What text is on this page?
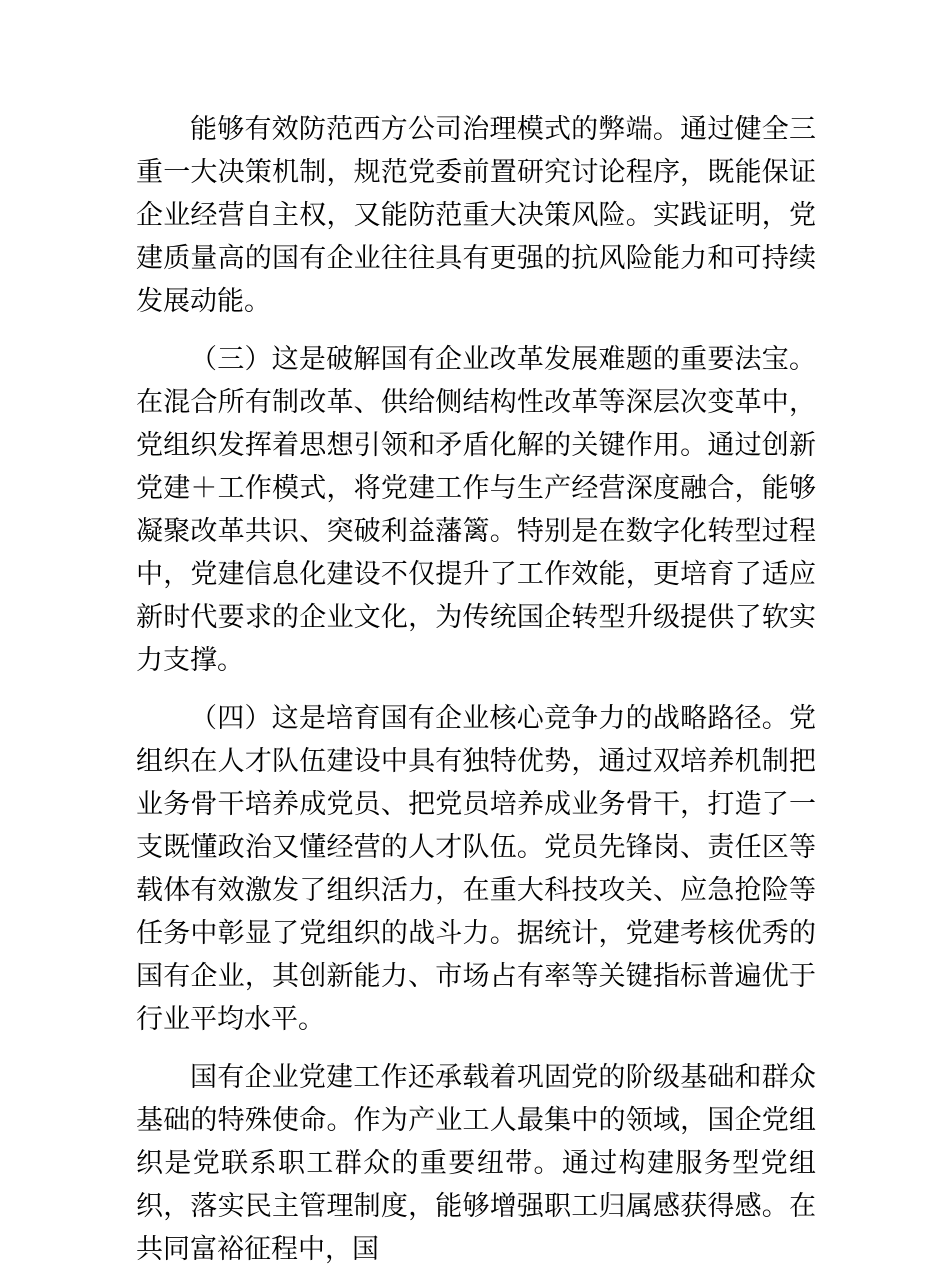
能够有效防范西方公司治理模式的弊端。通过健全三重一大决策机制，规范党委前置研究讨论程序，既能保证企业经营自主权，又能防范重大决策风险。实践证明，党建质量高的国有企业往往具有更强的抗风险能力和可持续发展动能。

（三）这是破解国有企业改革发展难题的重要法宝。在混合所有制改革、供给侧结构性改革等深层次变革中，党组织发挥着思想引领和矛盾化解的关键作用。通过创新党建＋工作模式，将党建工作与生产经营深度融合，能够凝聚改革共识、突破利益藩篱。特别是在数字化转型过程中，党建信息化建设不仅提升了工作效能，更培育了适应新时代要求的企业文化，为传统国企转型升级提供了软实力支撑。

（四）这是培育国有企业核心竞争力的战略路径。党组织在人才队伍建设中具有独特优势，通过双培养机制把业务骨干培养成党员、把党员培养成业务骨干，打造了一支既懂政治又懂经营的人才队伍。党员先锋岗、责任区等载体有效激发了组织活力，在重大科技攻关、应急抢险等任务中彰显了党组织的战斗力。据统计，党建考核优秀的国有企业，其创新能力、市场占有率等关键指标普遍优于行业平均水平。

国有企业党建工作还承载着巩固党的阶级基础和群众基础的特殊使命。作为产业工人最集中的领域，国企党组织是党联系职工群众的重要纽带。通过构建服务型党组织，落实民主管理制度，能够增强职工归属感获得感。在共同富裕征程中，国
